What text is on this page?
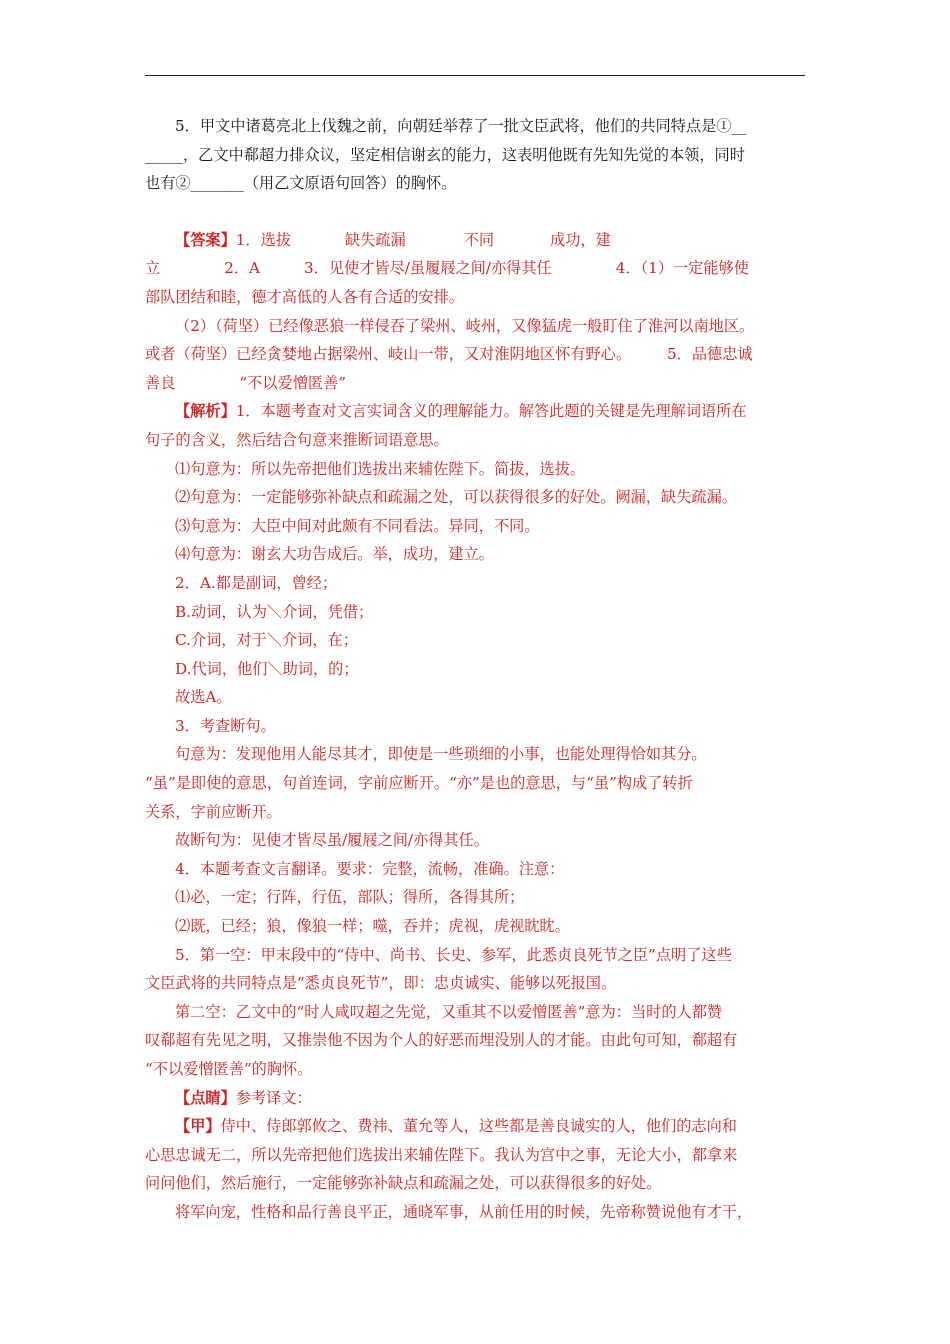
5．甲文中诸葛亮北上伐魏之前，向朝廷举荐了一批文臣武将，他们的共同特点是①__

_____，乙文中郗超力排众议，坚定相信谢玄的能力，这表明他既有先知先觉的本领，同时

也有②_______（用乙文原语句回答）的胸怀。

【答案】1．选拔	缺失疏漏	不同	成功，建

立	2．A	3．见使才皆尽/虽履屐之间/亦得其任	4．（1）一定能够使

部队团结和睦，德才高低的人各有合适的安排。

（2）（荷坚）已经像恶狼一样侵吞了梁州、岐州，又像猛虎一般盯住了淮河以南地区。

或者（荷坚）已经贪婪地占据梁州、岐山一带，又对淮阴地区怀有野心。 5．品德忠诚

善良	“不以爱憎匿善”

【解析】1．本题考查对文言实词含义的理解能力。解答此题的关键是先理解词语所在

句子的含义，然后结合句意来推断词语意思。

⑴句意为：所以先帝把他们选拔出来辅佐陛下。简拔，选拔。

⑵句意为：一定能够弥补缺点和疏漏之处，可以获得很多的好处。阙漏，缺失疏漏。

⑶句意为：大臣中间对此颇有不同看法。异同，不同。

⑷句意为：谢玄大功告成后。举，成功，建立。

2．A.都是副词，曾经；

B.动词，认为＼介词，凭借；

C.介词，对于＼介词，在；

D.代词，他们＼助词，的；

故选A。

3．考查断句。

句意为：发现他用人能尽其才，即使是一些琐细的小事，也能处理得恰如其分。

“虽”是即使的意思，句首连词，字前应断开。“亦”是也的意思，与“虽”构成了转折

关系，字前应断开。

故断句为：见使才皆尽虽/履屐之间/亦得其任。

4．本题考查文言翻译。要求：完整，流畅，准确。注意：

⑴必，一定；行阵，行伍，部队；得所，各得其所；

⑵既，已经；狼，像狼一样；噬，吞并；虎视，虎视眈眈。

5．第一空：甲末段中的“侍中、尚书、长史、参军，此悉贞良死节之臣”点明了这些

文臣武将的共同特点是“悉贞良死节”，即：忠贞诚实、能够以死报国。

第二空：乙文中的“时人咸叹超之先觉，又重其不以爱憎匿善”意为：当时的人都赞

叹郗超有先见之明，又推崇他不因为个人的好恶而埋没别人的才能。由此句可知，郗超有

“不以爱憎匿善”的胸怀。

【点睛】参考译文：

【甲】侍中、侍郎郭攸之、费祎、董允等人，这些都是善良诚实的人，他们的志向和

心思忠诚无二，所以先帝把他们选拔出来辅佐陛下。我认为宫中之事，无论大小，都拿来

问问他们，然后施行，一定能够弥补缺点和疏漏之处，可以获得很多的好处。

将军向宠，性格和品行善良平正，通晓军事，从前任用的时候，先帝称赞说他有才干，
